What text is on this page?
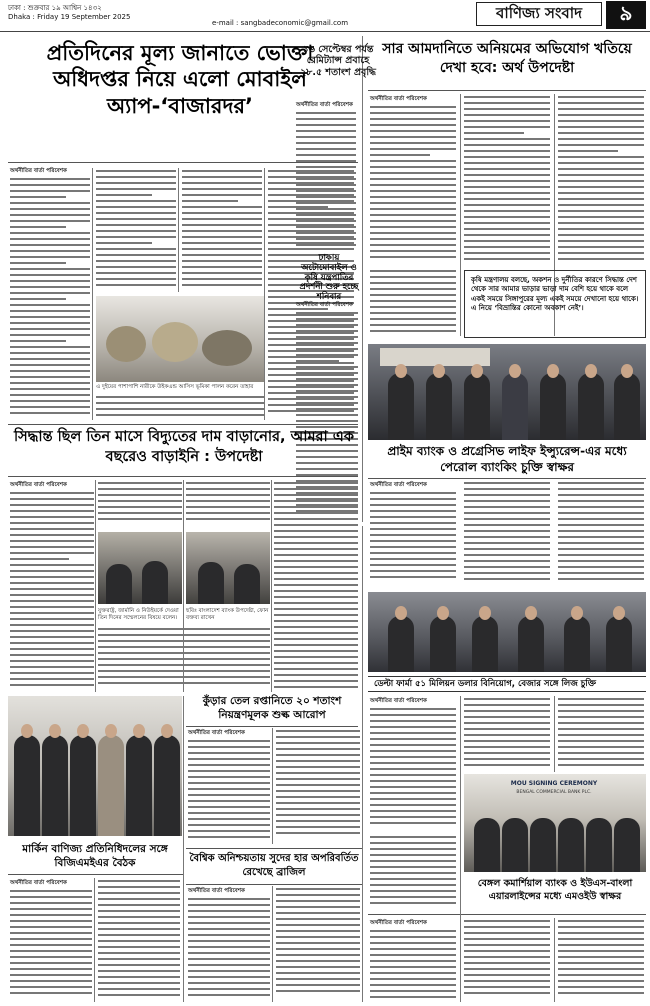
ঢাকা : শুক্রবার ১৯ আশ্বিন ১৪৩২
Dhaka : Friday 19 September 2025
e-mail : sangbadeconomic@gmail.com
বাণিজ্য সংবাদ	৯
প্রতিদিনের মূল্য জানাতে ভোক্তা অধিদপ্তর নিয়ে এলো মোবাইল অ্যাপ-‘বাজারদর’
অর্থনীতির বার্তা পরিবেশক
এ দুইয়ের পাশাপাশি নারীকে উইকএন্ড আসিস ভূমিকা পালন করেন তাহার
১৬ সেপ্টেম্বর পর্যন্ত রেমিট্যান্স প্রবাহে ২৮.৫ শতাংশ প্রবৃদ্ধি
অর্থনীতির বার্তা পরিবেশক
ঢাকায় অটোমোবাইল ও কৃষি যন্ত্রপাতির প্রদর্শনী শুরু হচ্ছে শনিবার
অর্থনীতির বার্তা পরিবেশক
সার আমদানিতে অনিয়মের অভিযোগ খতিয়ে দেখা হবে: অর্থ উপদেষ্টা
অর্থনীতির বার্তা পরিবেশক
কৃষি মন্ত্রণালয় বলছে, অকশন ও দুর্নীতির কারণে সিদ্ধান্ত দেশ থেকে সার আমার ভাড়ার ভাড়া দাম বেশি হয়ে থাকে বলে একই সময়ে সিঙ্গাপুরের মূল্য একই সময়ে দেখানো হয়ে থাকে। এ নিয়ে ‘বিভ্রান্তির কোনো অবকাশ নেই’।
প্রাইম ব্যাংক ও প্রগ্রেসিভ লাইফ ইন্স্যুরেন্স-এর মধ্যে পেরোল ব্যাংকিং চুক্তি স্বাক্ষর
অর্থনীতির বার্তা পরিবেশক
ডেল্টা ফার্মা ৫১ মিলিয়ন ডলার বিনিয়োগ, বেজার সঙ্গে লিজ চুক্তি
অর্থনীতির বার্তা পরিবেশক
MOU SIGNING CEREMONY
BENGAL COMMERCIAL BANK PLC.
বেঙ্গল কমার্শিয়াল ব্যাংক ও ইউএস-বাংলা এয়ারলাইন্সের মধ্যে এমওইউ স্বাক্ষর
অর্থনীতির বার্তা পরিবেশক
সিদ্ধান্ত ছিল তিন মাসে বিদ্যুতের দাম বাড়ানোর, আমরা এক বছরেও বাড়াইনি : উপদেষ্টা
অর্থনীতির বার্তা পরিবেশক
যুক্তরাষ্ট্র, জার্মানি ও নিউইয়র্কে দেওয়া তিন দিনের সম্মেলনের বিষয়ে বলেন।
ছবিঃ বাংলাদেশ ব্যাংক উপদেষ্টা, ফোন বক্তব্য রাখেন
কুঁড়ার তেল রপ্তানিতে ২০ শতাংশ নিয়ন্ত্রণমূলক শুল্ক আরোপ
অর্থনীতির বার্তা পরিবেশক
মার্কিন বাণিজ্য প্রতিনিধিদলের সঙ্গে বিজিএমইএর বৈঠক
অর্থনীতির বার্তা পরিবেশক
বৈশ্বিক অনিশ্চয়তায় সুদের হার অপরিবর্তিত রেখেছে ব্রাজিল
অর্থনীতির বার্তা পরিবেশক
